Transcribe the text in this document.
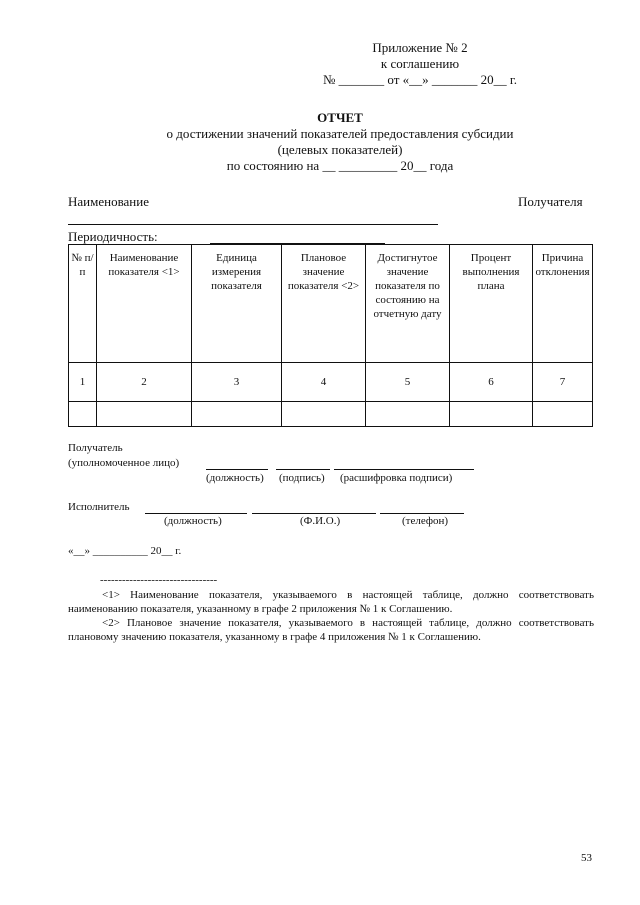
Приложение № 2
к соглашению
№ _______ от «__» _______ 20__ г.
ОТЧЕТ
о достижении значений показателей предоставления субсидии
(целевых показателей)
по состоянию на __ _________ 20__ года
Наименование	Получателя
Периодичность:
№ п/п	Наименование показателя <1>	Единица измерения показателя	Плановое значение показателя <2>	Достигнутое значение показателя по состоянию на отчетную дату	Процент выполнения плана	Причина отклонения
1	2	3	4	5	6	7

Получатель
(уполномоченное лицо)
(должность) (подпись) (расшифровка подписи)
Исполнитель
(должность)	(Ф.И.О.)	(телефон)
«__» __________ 20__ г.
--------------------------------

<1> Наименование показателя, указываемого в настоящей таблице, должно соответствовать наименованию показателя, указанному в графе 2 приложения № 1 к Соглашению.

<2> Плановое значение показателя, указываемого в настоящей таблице, должно соответствовать плановому значению показателя, указанному в графе 4 приложения № 1 к Соглашению.

53
